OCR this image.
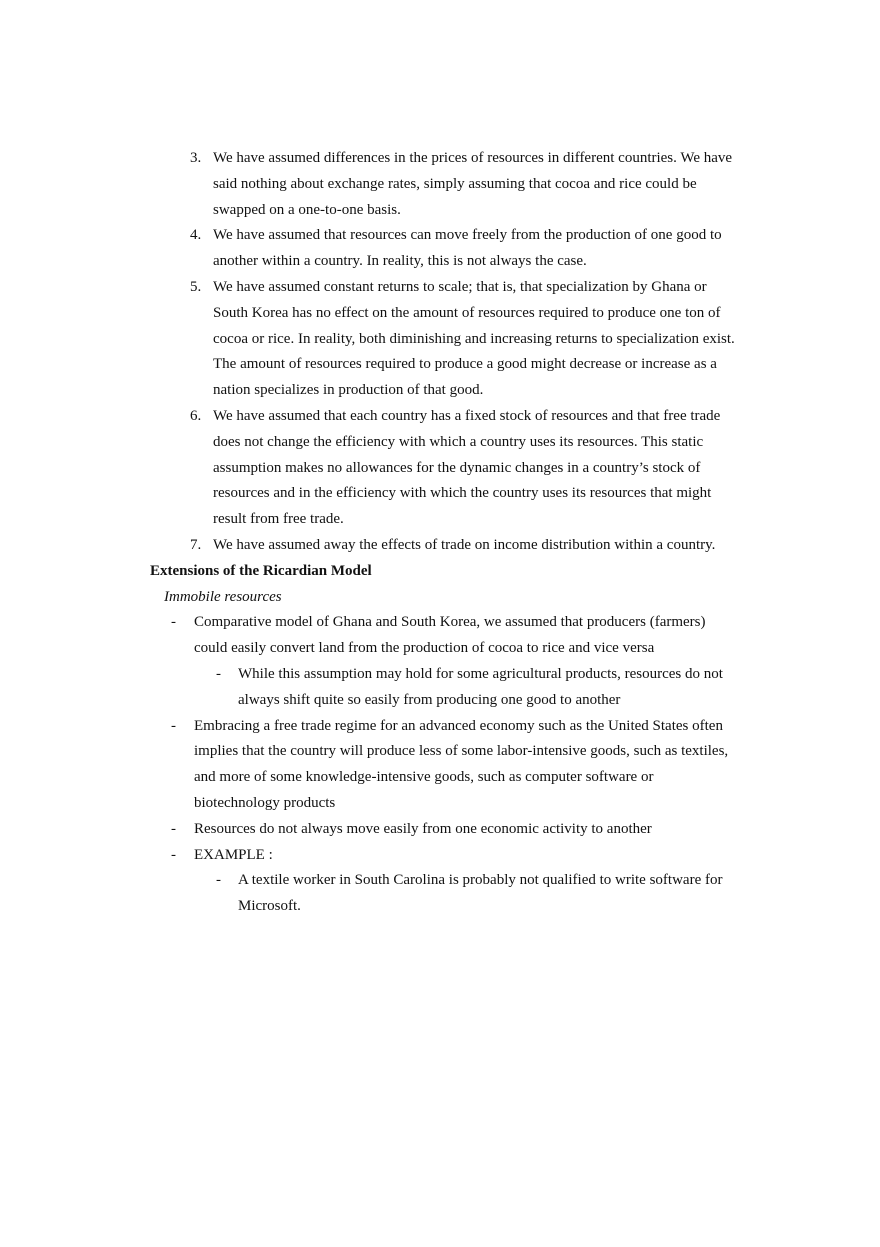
3. We have assumed differences in the prices of resources in different countries. We have said nothing about exchange rates, simply assuming that cocoa and rice could be swapped on a one-to-one basis.
4. We have assumed that resources can move freely from the production of one good to another within a country. In reality, this is not always the case.
5. We have assumed constant returns to scale; that is, that specialization by Ghana or South Korea has no effect on the amount of resources required to produce one ton of cocoa or rice. In reality, both diminishing and increasing returns to specialization exist. The amount of resources required to produce a good might decrease or increase as a nation specializes in production of that good.
6. We have assumed that each country has a fixed stock of resources and that free trade does not change the efficiency with which a country uses its resources. This static assumption makes no allowances for the dynamic changes in a country’s stock of resources and in the efficiency with which the country uses its resources that might result from free trade.
7. We have assumed away the effects of trade on income distribution within a country.

Extensions of the Ricardian Model

Immobile resources

- Comparative model of Ghana and South Korea, we assumed that producers (farmers) could easily convert land from the production of cocoa to rice and vice versa
- While this assumption may hold for some agricultural products, resources do not always shift quite so easily from producing one good to another
- Embracing a free trade regime for an advanced economy such as the United States often implies that the country will produce less of some labor-intensive goods, such as textiles, and more of some knowledge-intensive goods, such as computer software or biotechnology products
- Resources do not always move easily from one economic activity to another
- EXAMPLE :
- A textile worker in South Carolina is probably not qualified to write software for Microsoft.
